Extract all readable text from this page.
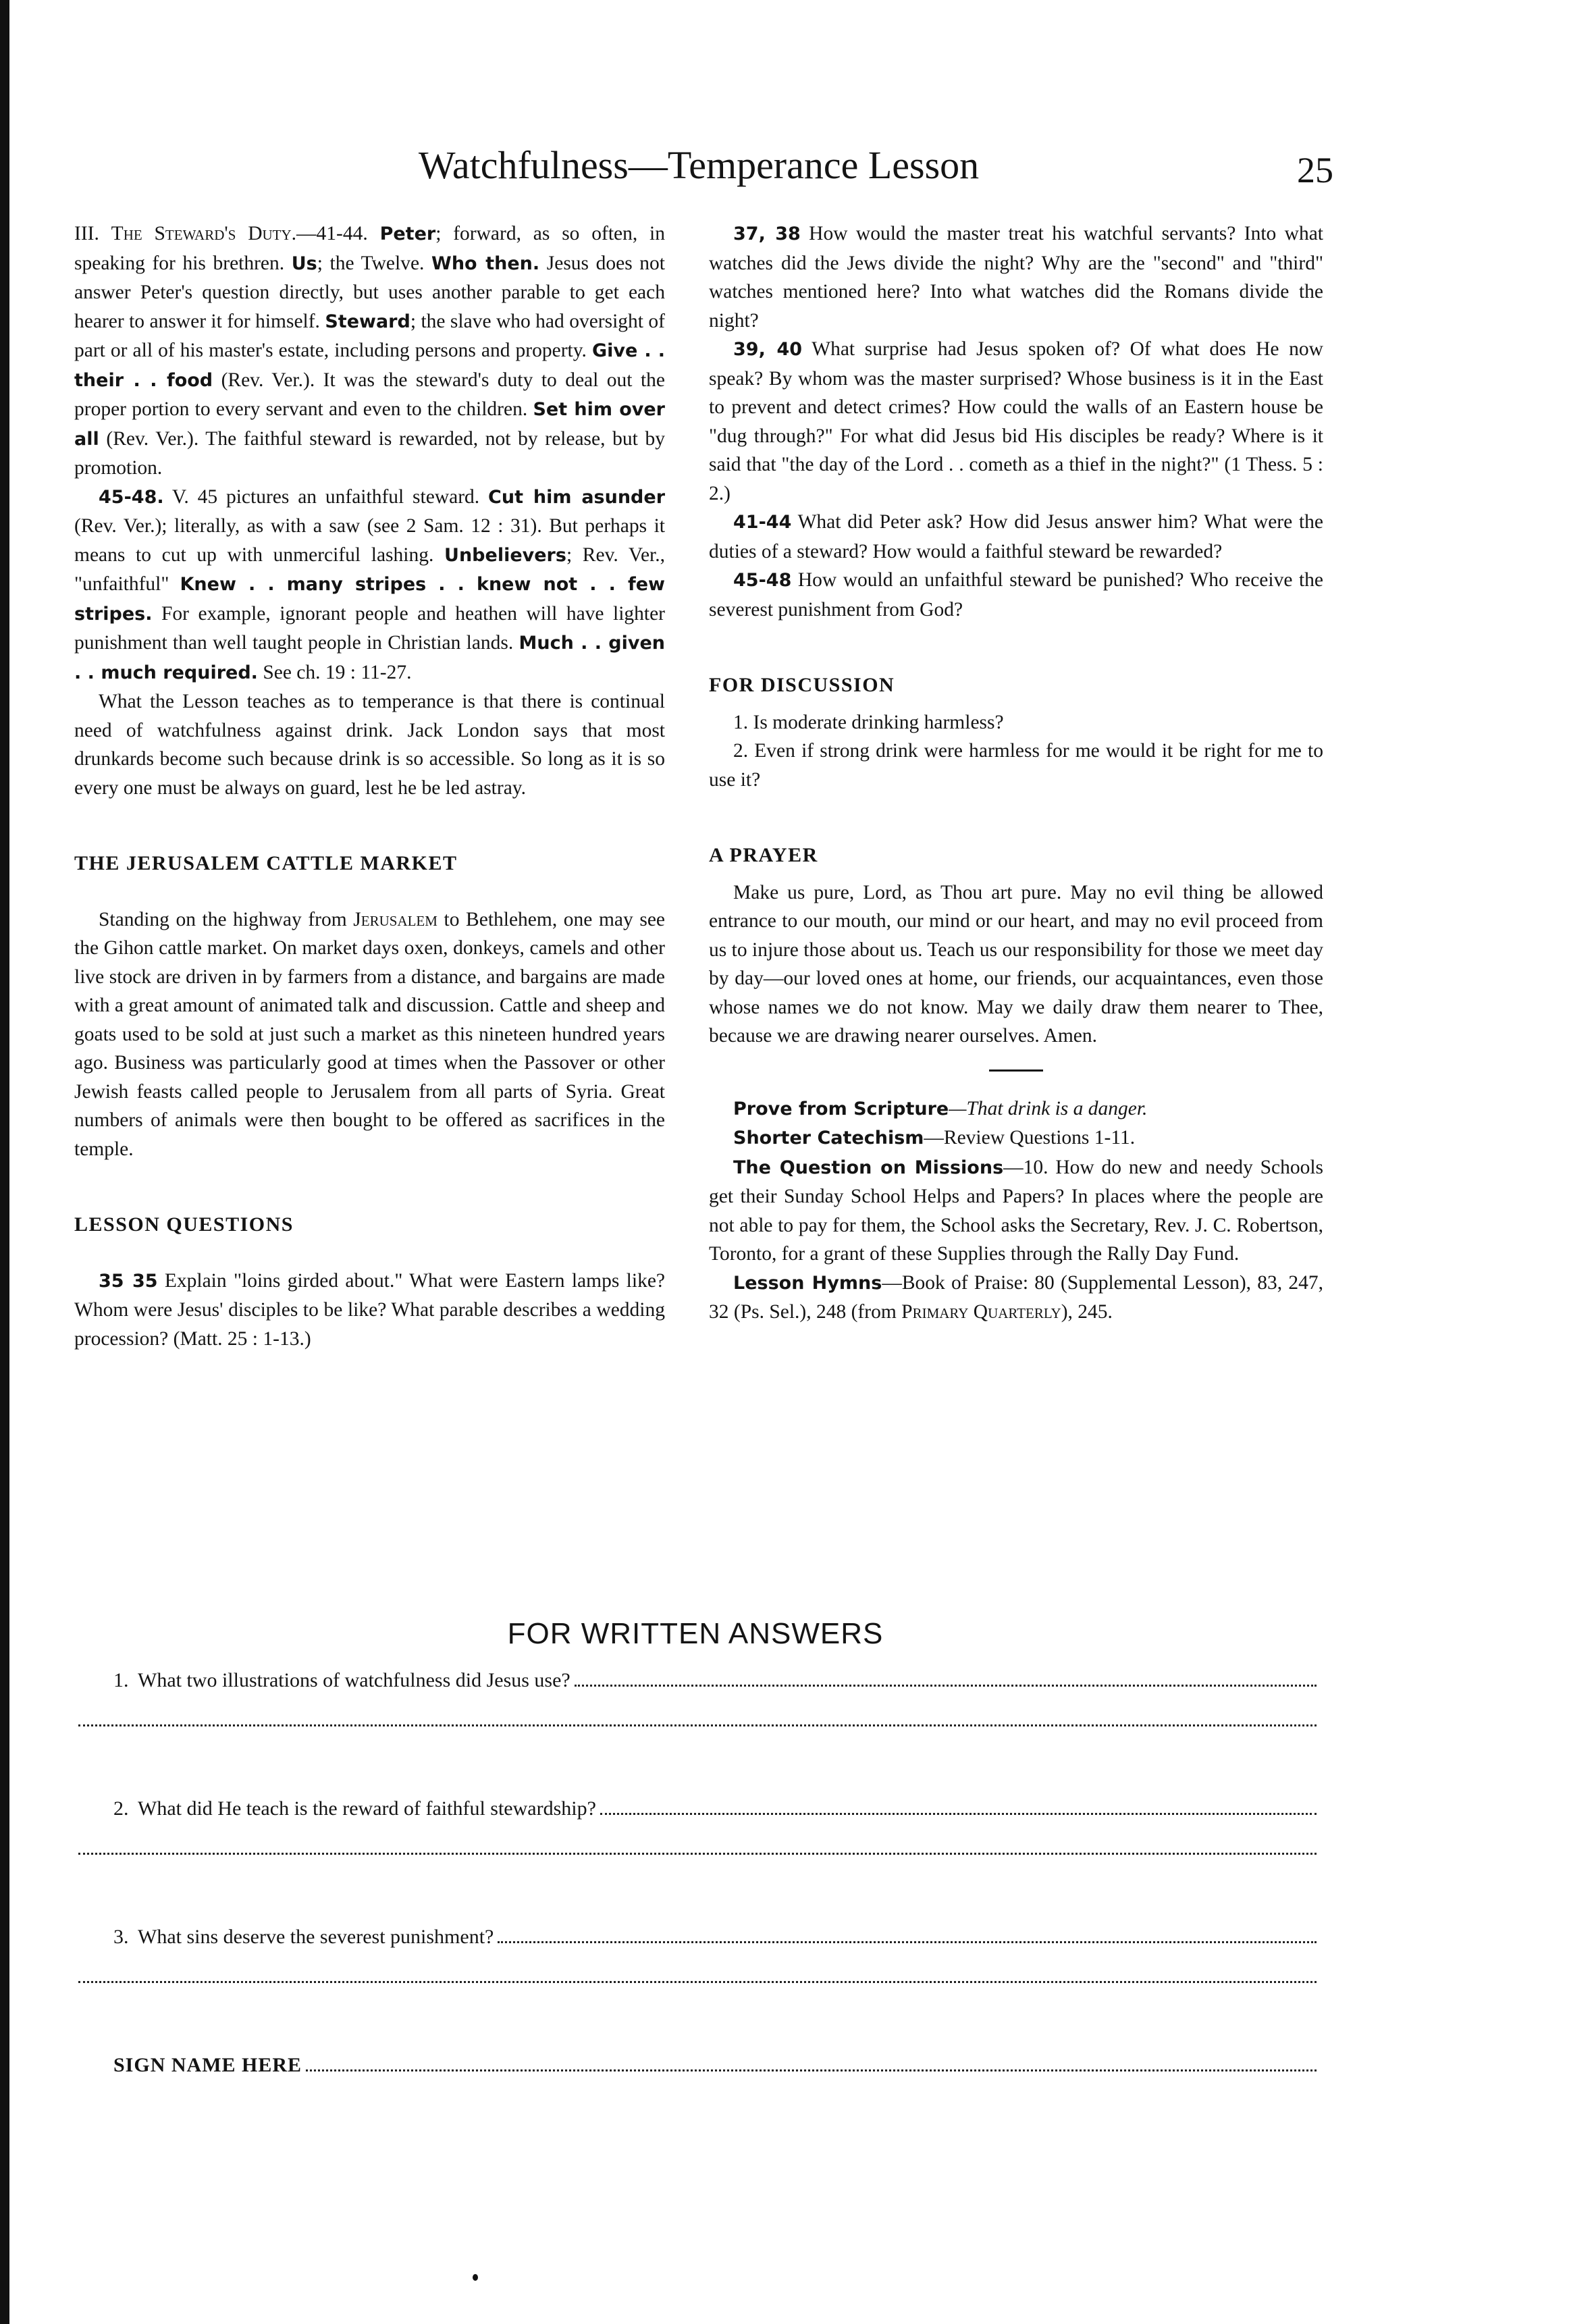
Watchfulness—Temperance Lesson	25

III. The Steward's Duty.—41-44. Peter; forward, as so often, in speaking for his brethren. Us; the Twelve. Who then. Jesus does not answer Peter's question directly, but uses another parable to get each hearer to answer it for himself. Steward; the slave who had oversight of part or all of his master's estate, including persons and property. Give . . their . . food (Rev. Ver.). It was the steward's duty to deal out the proper portion to every servant and even to the children. Set him over all (Rev. Ver.). The faithful steward is rewarded, not by release, but by promotion.

45-48. V. 45 pictures an unfaithful steward. Cut him asunder (Rev. Ver.); literally, as with a saw (see 2 Sam. 12 : 31). But perhaps it means to cut up with unmerciful lashing. Unbelievers; Rev. Ver., "unfaithful" Knew . . many stripes . . knew not . . few stripes. For example, ignorant people and heathen will have lighter punishment than well taught people in Christian lands. Much . . given . . much required. See ch. 19 : 11-27.

What the Lesson teaches as to temperance is that there is continual need of watchfulness against drink. Jack London says that most drunkards become such because drink is so accessible. So long as it is so every one must be always on guard, lest he be led astray.

THE JERUSALEM CATTLE MARKET

Standing on the highway from Jerusalem to Bethlehem, one may see the Gihon cattle market. On market days oxen, donkeys, camels and other live stock are driven in by farmers from a distance, and bargains are made with a great amount of animated talk and discussion. Cattle and sheep and goats used to be sold at just such a market as this nineteen hundred years ago. Business was particularly good at times when the Passover or other Jewish feasts called people to Jerusalem from all parts of Syria. Great numbers of animals were then bought to be offered as sacrifices in the temple.

LESSON QUESTIONS

35 35 Explain "loins girded about." What were Eastern lamps like? Whom were Jesus' disciples to be like? What parable describes a wedding procession? (Matt. 25 : 1-13.)

37, 38 How would the master treat his watchful servants? Into what watches did the Jews divide the night? Why are the "second" and "third" watches mentioned here? Into what watches did the Romans divide the night?

39, 40 What surprise had Jesus spoken of? Of what does He now speak? By whom was the master surprised? Whose business is it in the East to prevent and detect crimes? How could the walls of an Eastern house be "dug through?" For what did Jesus bid His disciples be ready? Where is it said that "the day of the Lord . . cometh as a thief in the night?" (1 Thess. 5 : 2.)

41-44 What did Peter ask? How did Jesus answer him? What were the duties of a steward? How would a faithful steward be rewarded?

45-48 How would an unfaithful steward be punished? Who receive the severest punishment from God?

FOR DISCUSSION

1. Is moderate drinking harmless?

2. Even if strong drink were harmless for me would it be right for me to use it?

A PRAYER

Make us pure, Lord, as Thou art pure. May no evil thing be allowed entrance to our mouth, our mind or our heart, and may no evil proceed from us to injure those about us. Teach us our responsibility for those we meet day by day—our loved ones at home, our friends, our acquaintances, even those whose names we do not know. May we daily draw them nearer to Thee, because we are drawing nearer ourselves. Amen.

Prove from Scripture—That drink is a danger.

Shorter Catechism—Review Questions 1-11.

The Question on Missions—10. How do new and needy Schools get their Sunday School Helps and Papers? In places where the people are not able to pay for them, the School asks the Secretary, Rev. J. C. Robertson, Toronto, for a grant of these Supplies through the Rally Day Fund.

Lesson Hymns—Book of Praise: 80 (Supplemental Lesson), 83, 247, 32 (Ps. Sel.), 248 (from Primary Quarterly), 245.

FOR WRITTEN ANSWERS
1. What two illustrations of watchfulness did Jesus use?
2. What did He teach is the reward of faithful stewardship?
3. What sins deserve the severest punishment?
SIGN NAME HERE
